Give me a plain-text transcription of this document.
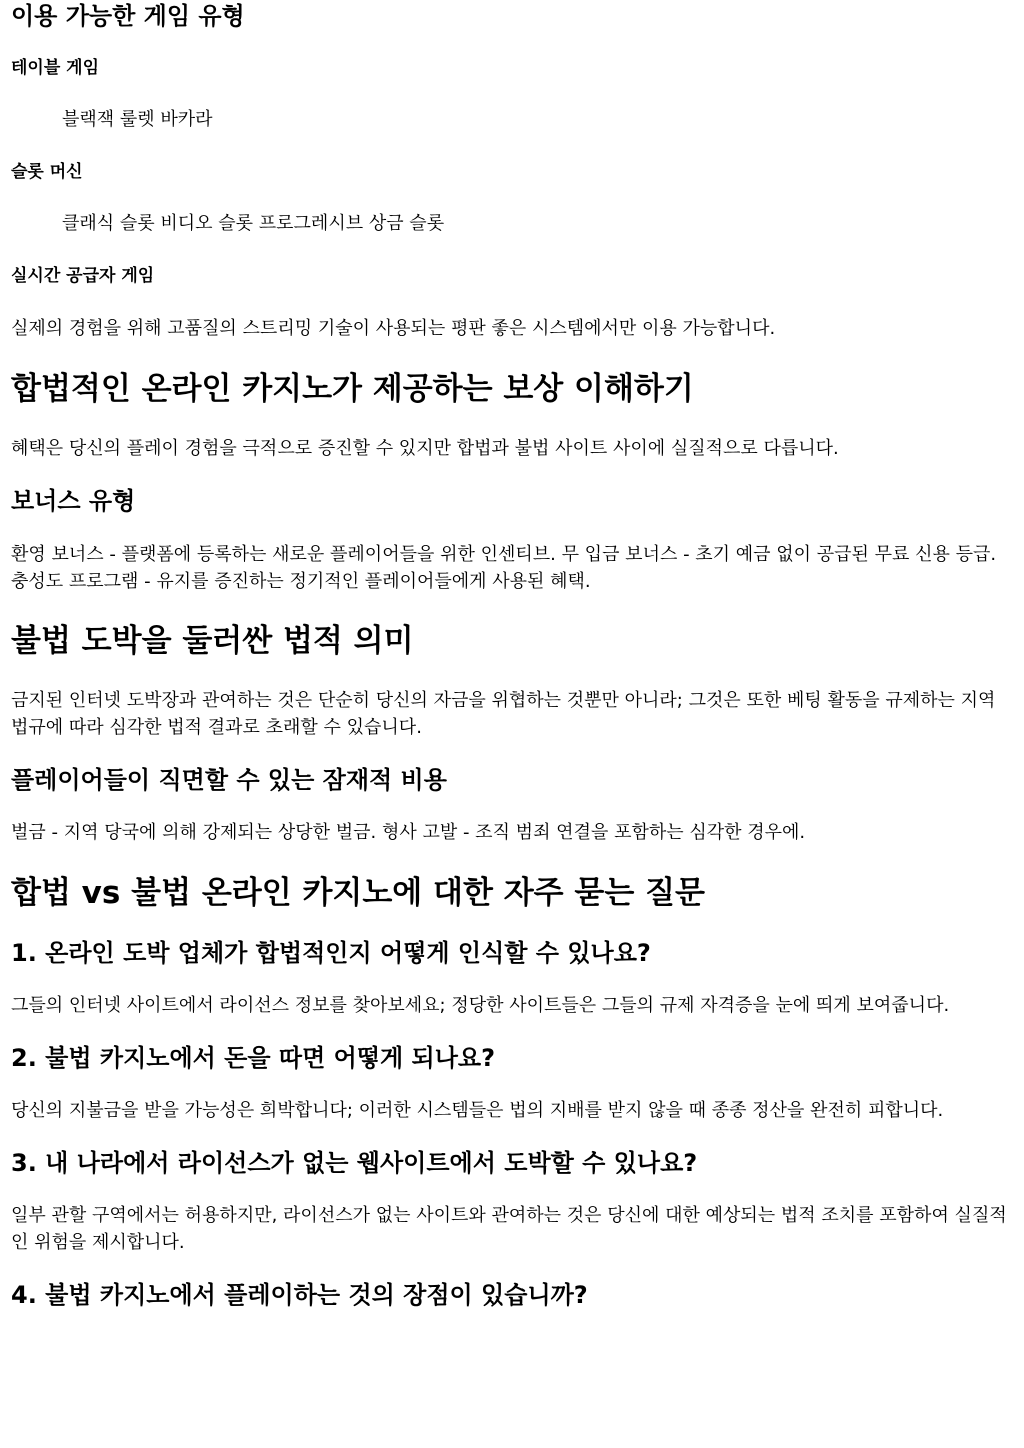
이용 가능한 게임 유형
테이블 게임

블랙잭 룰렛 바카라

슬롯 머신

클래식 슬롯 비디오 슬롯 프로그레시브 상금 슬롯

실시간 공급자 게임

실제의 경험을 위해 고품질의 스트리밍 기술이 사용되는 평판 좋은 시스템에서만 이용 가능합니다.

합법적인 온라인 카지노가 제공하는 보상 이해하기

혜택은 당신의 플레이 경험을 극적으로 증진할 수 있지만 합법과 불법 사이트 사이에 실질적으로 다릅니다.

보너스 유형

환영 보너스 - 플랫폼에 등록하는 새로운 플레이어들을 위한 인센티브. 무 입금 보너스 - 초기 예금 없이 공급된 무료 신용 등급. 충성도 프로그램 - 유지를 증진하는 정기적인 플레이어들에게 사용된 혜택.

불법 도박을 둘러싼 법적 의미

금지된 인터넷 도박장과 관여하는 것은 단순히 당신의 자금을 위협하는 것뿐만 아니라; 그것은 또한 베팅 활동을 규제하는 지역 법규에 따라 심각한 법적 결과로 초래할 수 있습니다.

플레이어들이 직면할 수 있는 잠재적 비용

벌금 - 지역 당국에 의해 강제되는 상당한 벌금. 형사 고발 - 조직 범죄 연결을 포함하는 심각한 경우에.

합법 vs 불법 온라인 카지노에 대한 자주 묻는 질문
1. 온라인 도박 업체가 합법적인지 어떻게 인식할 수 있나요?

그들의 인터넷 사이트에서 라이선스 정보를 찾아보세요; 정당한 사이트들은 그들의 규제 자격증을 눈에 띄게 보여줍니다.

2. 불법 카지노에서 돈을 따면 어떻게 되나요?

당신의 지불금을 받을 가능성은 희박합니다; 이러한 시스템들은 법의 지배를 받지 않을 때 종종 정산을 완전히 피합니다.

3. 내 나라에서 라이선스가 없는 웹사이트에서 도박할 수 있나요?

일부 관할 구역에서는 허용하지만, 라이선스가 없는 사이트와 관여하는 것은 당신에 대한 예상되는 법적 조치를 포함하여 실질적인 위험을 제시합니다.

4. 불법 카지노에서 플레이하는 것의 장점이 있습니까?
